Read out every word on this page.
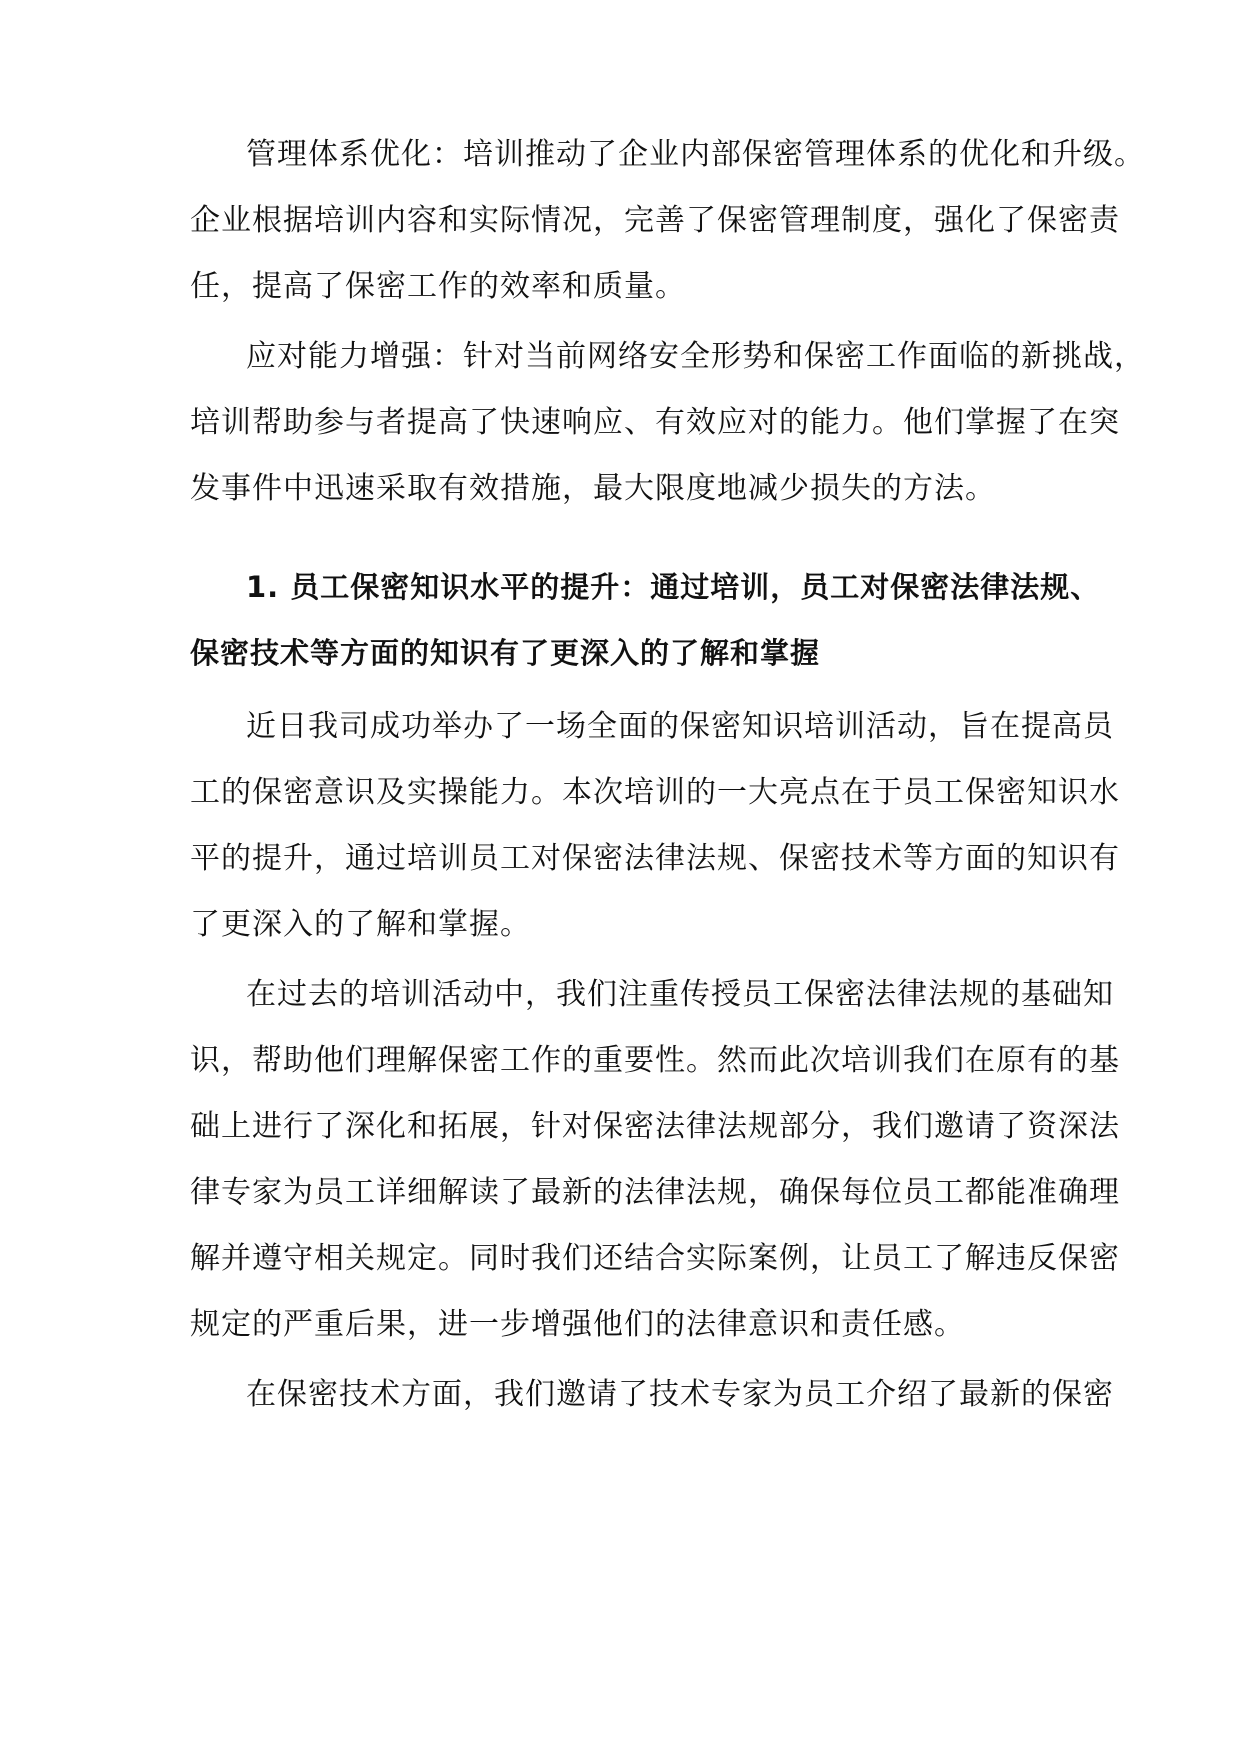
管理体系优化：培训推动了企业内部保密管理体系的优化和升级。
企业根据培训内容和实际情况，完善了保密管理制度，强化了保密责
任，提高了保密工作的效率和质量。
应对能力增强：针对当前网络安全形势和保密工作面临的新挑战，
培训帮助参与者提高了快速响应、有效应对的能力。他们掌握了在突
发事件中迅速采取有效措施，最大限度地减少损失的方法。
1. 员工保密知识水平的提升：通过培训，员工对保密法律法规、
保密技术等方面的知识有了更深入的了解和掌握
近日我司成功举办了一场全面的保密知识培训活动，旨在提高员
工的保密意识及实操能力。本次培训的一大亮点在于员工保密知识水
平的提升，通过培训员工对保密法律法规、保密技术等方面的知识有
了更深入的了解和掌握。
在过去的培训活动中，我们注重传授员工保密法律法规的基础知
识，帮助他们理解保密工作的重要性。然而此次培训我们在原有的基
础上进行了深化和拓展，针对保密法律法规部分，我们邀请了资深法
律专家为员工详细解读了最新的法律法规，确保每位员工都能准确理
解并遵守相关规定。同时我们还结合实际案例，让员工了解违反保密
规定的严重后果，进一步增强他们的法律意识和责任感。
在保密技术方面，我们邀请了技术专家为员工介绍了最新的保密
